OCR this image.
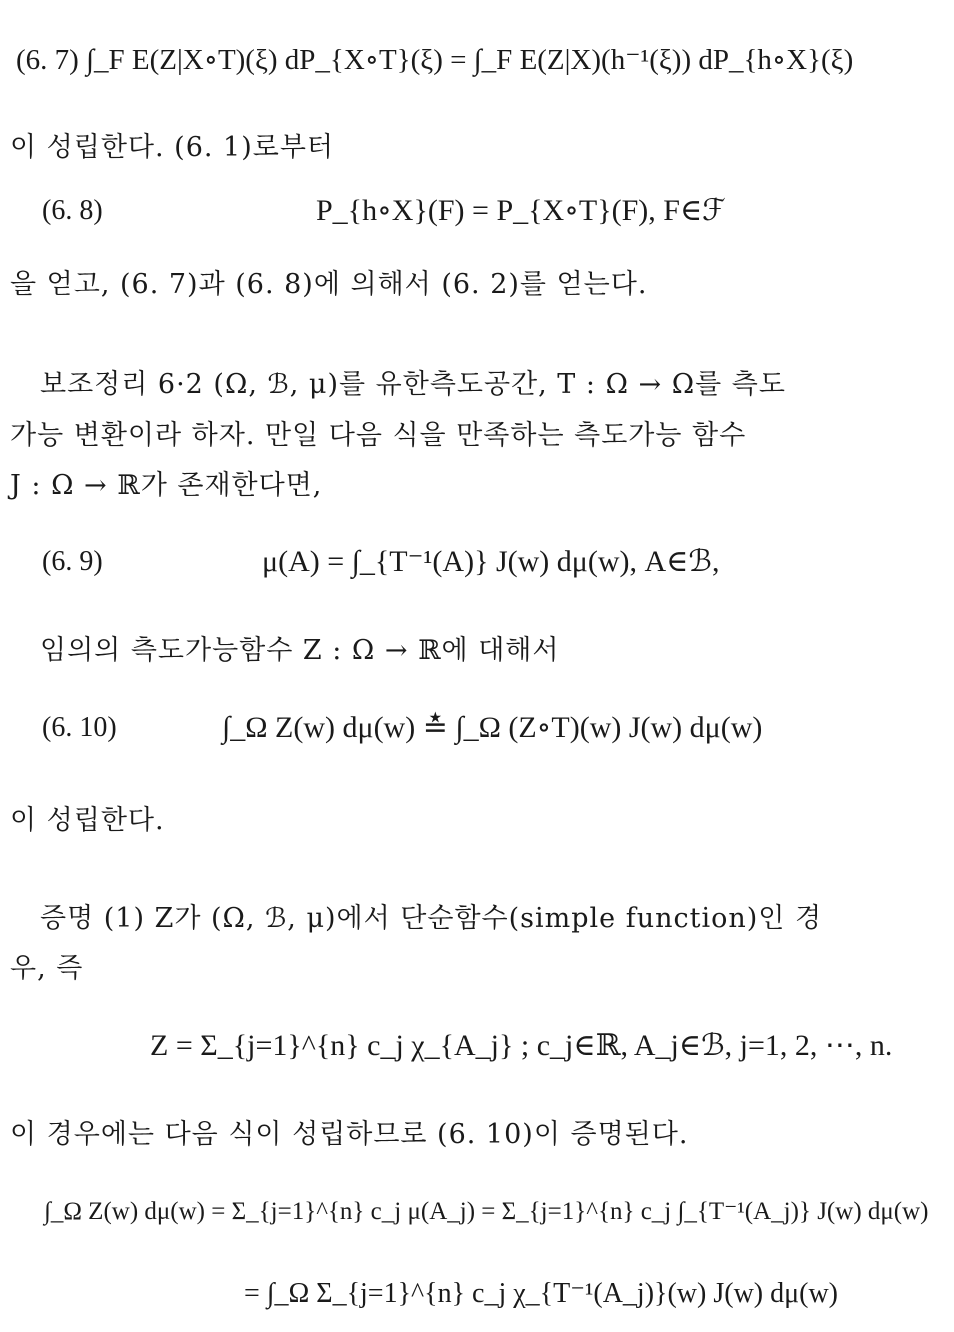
(6. 7) ∫_F E(Z|X∘T)(ξ) dP_{X∘T}(ξ) = ∫_F E(Z|X)(h⁻¹(ξ)) dP_{h∘X}(ξ)
이 성립한다. (6. 1)로부터
(6. 8)	P_{h∘X}(F) = P_{X∘T}(F), F∈ℱ
을 얻고, (6. 7)과 (6. 8)에 의해서 (6. 2)를 얻는다.
보조정리 6·2 (Ω, ℬ, μ)를 유한측도공간, T : Ω → Ω를 측도
가능 변환이라 하자. 만일 다음 식을 만족하는 측도가능 함수
J : Ω → ℝ가 존재한다면,
(6. 9)	μ(A) = ∫_{T⁻¹(A)} J(w) dμ(w), A∈ℬ,
임의의 측도가능함수 Z : Ω → ℝ에 대해서
(6. 10)	∫_Ω Z(w) dμ(w) ≛ ∫_Ω (Z∘T)(w) J(w) dμ(w)
이 성립한다.
증명 (1) Z가 (Ω, ℬ, μ)에서 단순함수(simple function)인 경
우, 즉
Z = Σ_{j=1}^{n} c_j χ_{A_j} ; c_j∈ℝ, A_j∈ℬ, j=1, 2, ⋯, n.
이 경우에는 다음 식이 성립하므로 (6. 10)이 증명된다.
∫_Ω Z(w) dμ(w) = Σ_{j=1}^{n} c_j μ(A_j) = Σ_{j=1}^{n} c_j ∫_{T⁻¹(A_j)} J(w) dμ(w)
= ∫_Ω Σ_{j=1}^{n} c_j χ_{T⁻¹(A_j)}(w) J(w) dμ(w)
